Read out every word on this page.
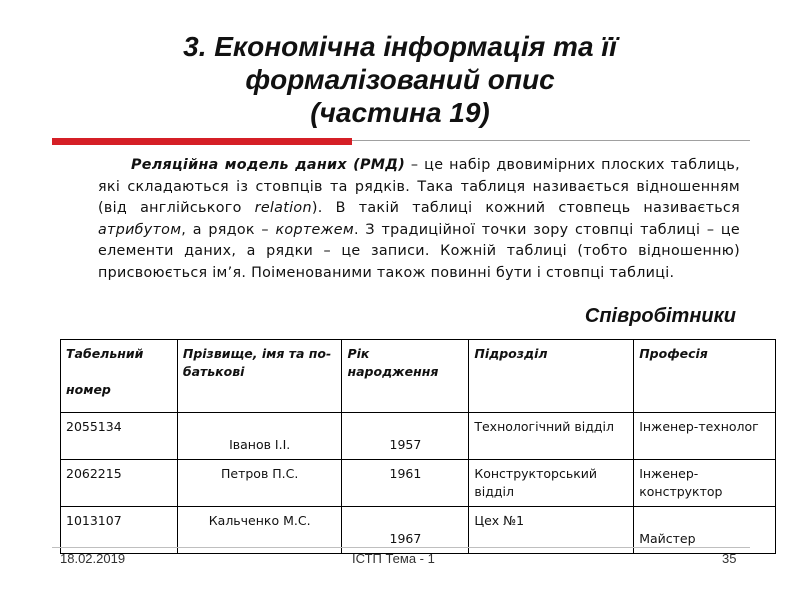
3. Економічна інформація та її
формалізований опис
(частина 19)
Реляційна модель даних (РМД) – це набір двовимірних плоских таблиць, які складаються із стовпців та рядків. Така таблиця називається відношенням (від англійського relation). В такій таблиці кожний стовпець називається атрибутом, а рядок – кортежем. З традиційної точки зору стовпці таблиці – це елементи даних, а рядки – це записи. Кожній таблиці (тобто відношенню) присвоюється ім’я. Поіменованими також повинні бути і стовпці таблиці.
Співробітники
Табельний
номер	Прізвище, імя та по-батькові	Рік народження	Підрозділ	Професія
2055134	Іванов І.І.	1957	Технологічний відділ	Інженер-технолог
2062215	Петров П.С.	1961	Конструкторський відділ	Інженер-конструктор
1013107	Кальченко М.С.	1967	Цех №1	Майстер
18.02.2019	ІСТП Тема - 1	35
